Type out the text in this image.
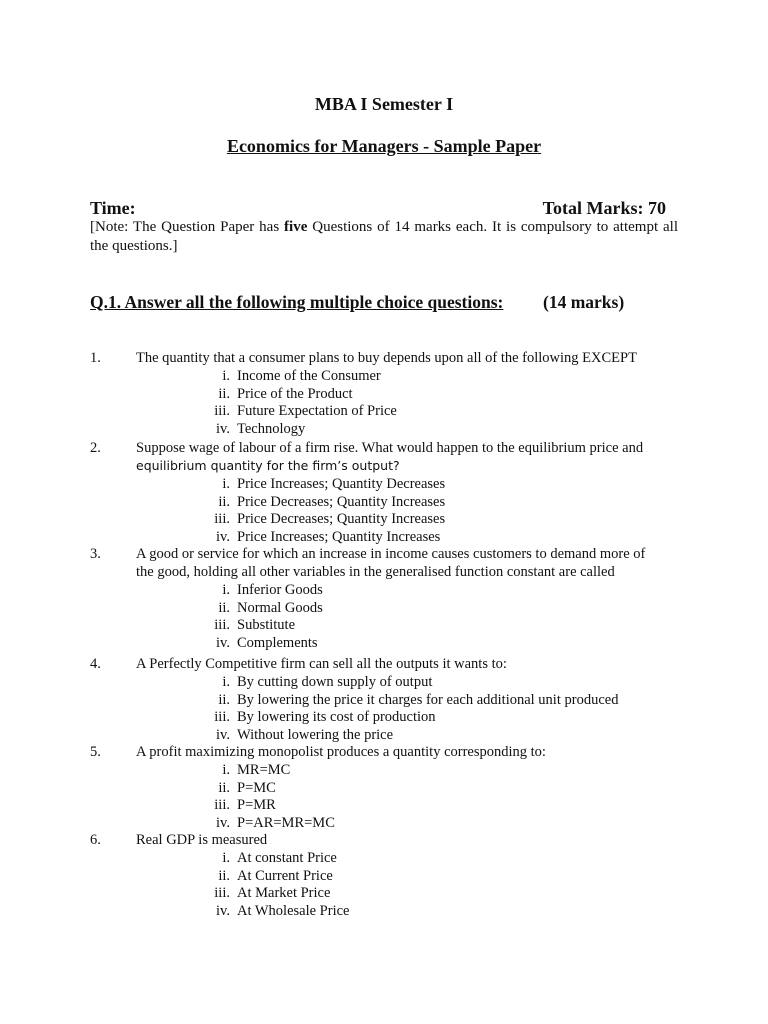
MBA I Semester I
Economics for Managers - Sample Paper
Time:	Total Marks: 70
[Note: The Question Paper has five Questions of 14 marks each. It is compulsory to attempt all the questions.]
Q.1. Answer all the following multiple choice questions: (14 marks)
1. The quantity that a consumer plans to buy depends upon all of the following EXCEPT
i. Income of the Consumer
ii. Price of the Product
iii. Future Expectation of Price
iv. Technology
2. Suppose wage of labour of a firm rise. What would happen to the equilibrium price and
equilibrium quantity for the firm’s output?
i. Price Increases; Quantity Decreases
ii. Price Decreases; Quantity Increases
iii. Price Decreases; Quantity Increases
iv. Price Increases; Quantity Increases
3. A good or service for which an increase in income causes customers to demand more of
the good, holding all other variables in the generalised function constant are called
i. Inferior Goods
ii. Normal Goods
iii. Substitute
iv. Complements
4. A Perfectly Competitive firm can sell all the outputs it wants to:
i. By cutting down supply of output
ii. By lowering the price it charges for each additional unit produced
iii. By lowering its cost of production
iv. Without lowering the price
5. A profit maximizing monopolist produces a quantity corresponding to:
i. MR=MC
ii. P=MC
iii. P=MR
iv. P=AR=MR=MC
6. Real GDP is measured
i. At constant Price
ii. At Current Price
iii. At Market Price
iv. At Wholesale Price
